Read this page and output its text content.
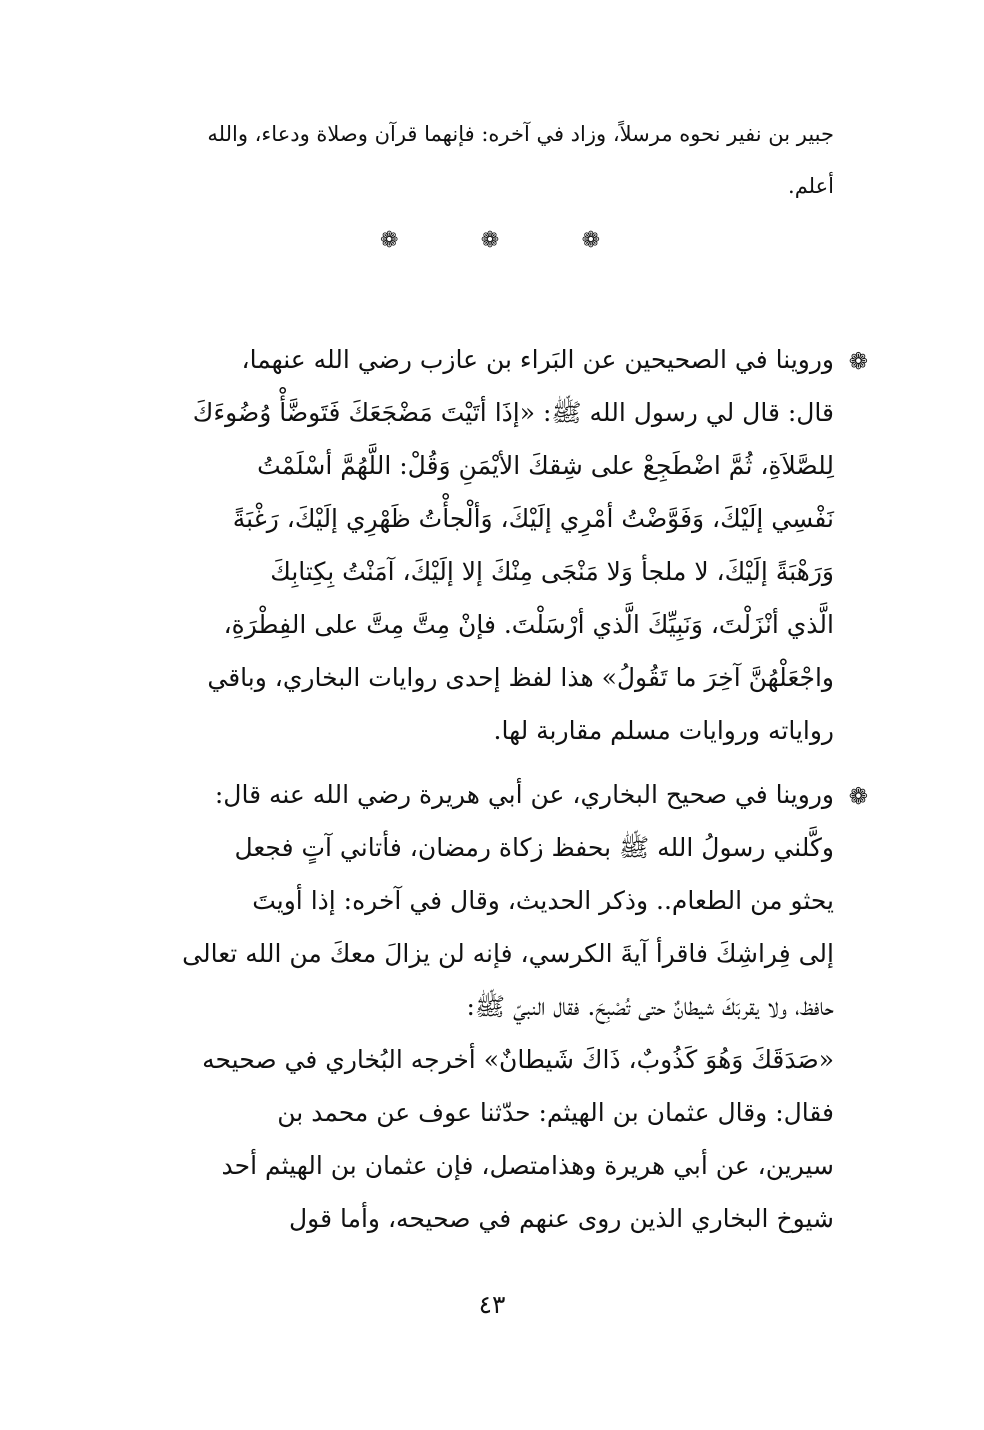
جبير بن نفير نحوه مرسلاً، وزاد في آخره: فإنهما قرآن وصلاة ودعاء، والله
أعلم.
❁	❁	❁
❁
وروينا في الصحيحين عن البَراء بن عازب رضي الله عنهما،
قال: قال لي رسول الله ﷺ: «إذَا أتَيْتَ مَضْجَعَكَ فَتَوضَّأْ وُضُوءَكَ
لِلصَّلاَةِ، ثُمَّ اضْطَجِعْ على شِقكَ الأيْمَنِ وَقُلْ: اللَّهُمَّ أسْلَمْتُ
نَفْسِي إلَيْكَ، وَفَوَّضْتُ أمْرِي إلَيْكَ، وَألْجأْتُ ظَهْرِي إلَيْكَ، رَغْبَةً
وَرَهْبَةً إلَيْكَ، لا ملجأ وَلا مَنْجَى مِنْكَ إلا إلَيْكَ، آمَنْتُ بِكِتابِكَ
الَّذي أنْزَلْتَ، وَنَبِيِّكَ الَّذي أرْسَلْتَ. فإنْ مِتَّ مِتَّ على الفِطْرَةِ،
واجْعَلْهُنَّ آخِرَ ما تَقُولُ» هذا لفظ إحدى روايات البخاري، وباقي
رواياته وروايات مسلم مقاربة لها.
❁
وروينا في صحيح البخاري، عن أبي هريرة رضي الله عنه قال:
وكَّلني رسولُ الله ﷺ بحفظ زكاة رمضان، فأتاني آتٍ فجعل
يحثو من الطعام.. وذكر الحديث، وقال في آخره: إذا أويتَ
إلى فِراشِكَ فاقرأ آيةَ الكرسي، فإنه لن يزالَ معكَ من الله تعالى
حافظ، ولا يقربَكَ شيطانٌ حتى تُصْبِحَ. فقال النبيّ ﷺ:
«صَدَقَكَ وَهُوَ كَذُوبٌ، ذَاكَ شَيطانٌ» أخرجه البُخاري في صحيحه
فقال: وقال عثمان بن الهيثم: حدّثنا عوف عن محمد بن
سيرين، عن أبي هريرة وهذامتصل، فإن عثمان بن الهيثم أحد
شيوخ البخاري الذين روى عنهم في صحيحه، وأما قول
٤٣
